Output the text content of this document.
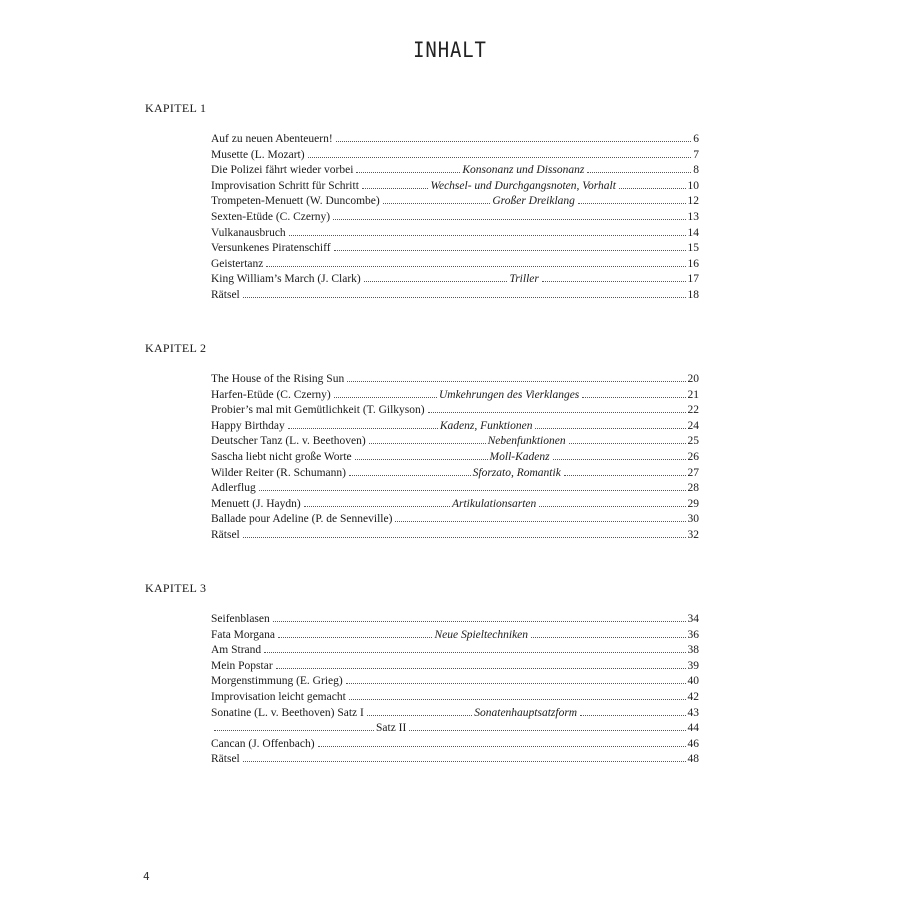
INHALT
KAPITEL 1
Auf zu neuen Abenteuern!	6
Musette (L. Mozart)	7
Die Polizei fährt wieder vorbei	Konsonanz und Dissonanz	8
Improvisation Schritt für Schritt	Wechsel- und Durchgangsnoten, Vorhalt	10
Trompeten-Menuett (W. Duncombe)	Großer Dreiklang	12
Sexten-Etüde (C. Czerny)	13
Vulkanausbruch	14
Versunkenes Piratenschiff	15
Geistertanz	16
King William’s March (J. Clark)	Triller	17
Rätsel	18
KAPITEL 2
The House of the Rising Sun	20
Harfen-Etüde (C. Czerny)	Umkehrungen des Vierklanges	21
Probier’s mal mit Gemütlichkeit (T. Gilkyson)	22
Happy Birthday	Kadenz, Funktionen	24
Deutscher Tanz (L. v. Beethoven)	Nebenfunktionen	25
Sascha liebt nicht große Worte	Moll-Kadenz	26
Wilder Reiter (R. Schumann)	Sforzato, Romantik	27
Adlerflug	28
Menuett (J. Haydn)	Artikulationsarten	29
Ballade pour Adeline (P. de Senneville)	30
Rätsel	32
KAPITEL 3
Seifenblasen	34
Fata Morgana	Neue Spieltechniken	36
Am Strand	38
Mein Popstar	39
Morgenstimmung (E. Grieg)	40
Improvisation leicht gemacht	42
Sonatine (L. v. Beethoven) Satz I	Sonatenhauptsatzform	43
Satz II	44
Cancan (J. Offenbach)	46
Rätsel	48
4
